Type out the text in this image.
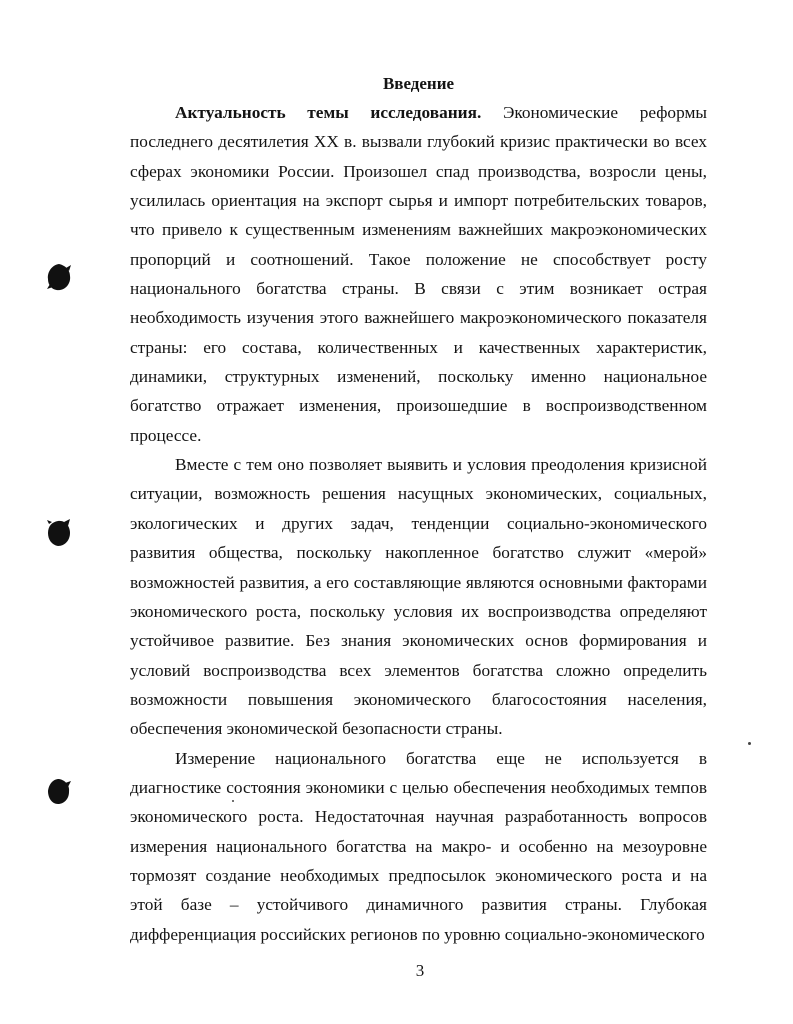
Введение

Актуальность темы исследования. Экономические реформы последнего десятилетия XX в. вызвали глубокий кризис практически во всех сферах экономики России. Произошел спад производства, возросли цены, усилилась ориентация на экспорт сырья и импорт потребительских товаров, что привело к существенным изменениям важнейших макроэкономических пропорций и соотношений. Такое положение не способствует росту национального богатства страны. В связи с этим возникает острая необходимость изучения этого важнейшего макроэкономического показателя страны: его состава, количественных и качественных характеристик, динамики, структурных изменений, поскольку именно национальное богатство отражает изменения, произошедшие в воспроизводственном процессе.

Вместе с тем оно позволяет выявить и условия преодоления кризисной ситуации, возможность решения насущных экономических, социальных, экологических и других задач, тенденции социально-экономического развития общества, поскольку накопленное богатство служит «мерой» возможностей развития, а его составляющие являются основными факторами экономического роста, поскольку условия их воспроизводства определяют устойчивое развитие. Без знания экономических основ формирования и условий воспроизводства всех элементов богатства сложно определить возможности повышения экономического благосостояния населения, обеспечения экономической безопасности страны.

Измерение национального богатства еще не используется в диагностике состояния экономики с целью обеспечения необходимых темпов экономического роста. Недостаточная научная разработанность вопросов измерения национального богатства на макро- и особенно на мезоуровне тормозят создание необходимых предпосылок экономического роста и на этой базе – устойчивого динамичного развития страны. Глубокая дифференциация российских регионов по уровню социально-экономического

3
